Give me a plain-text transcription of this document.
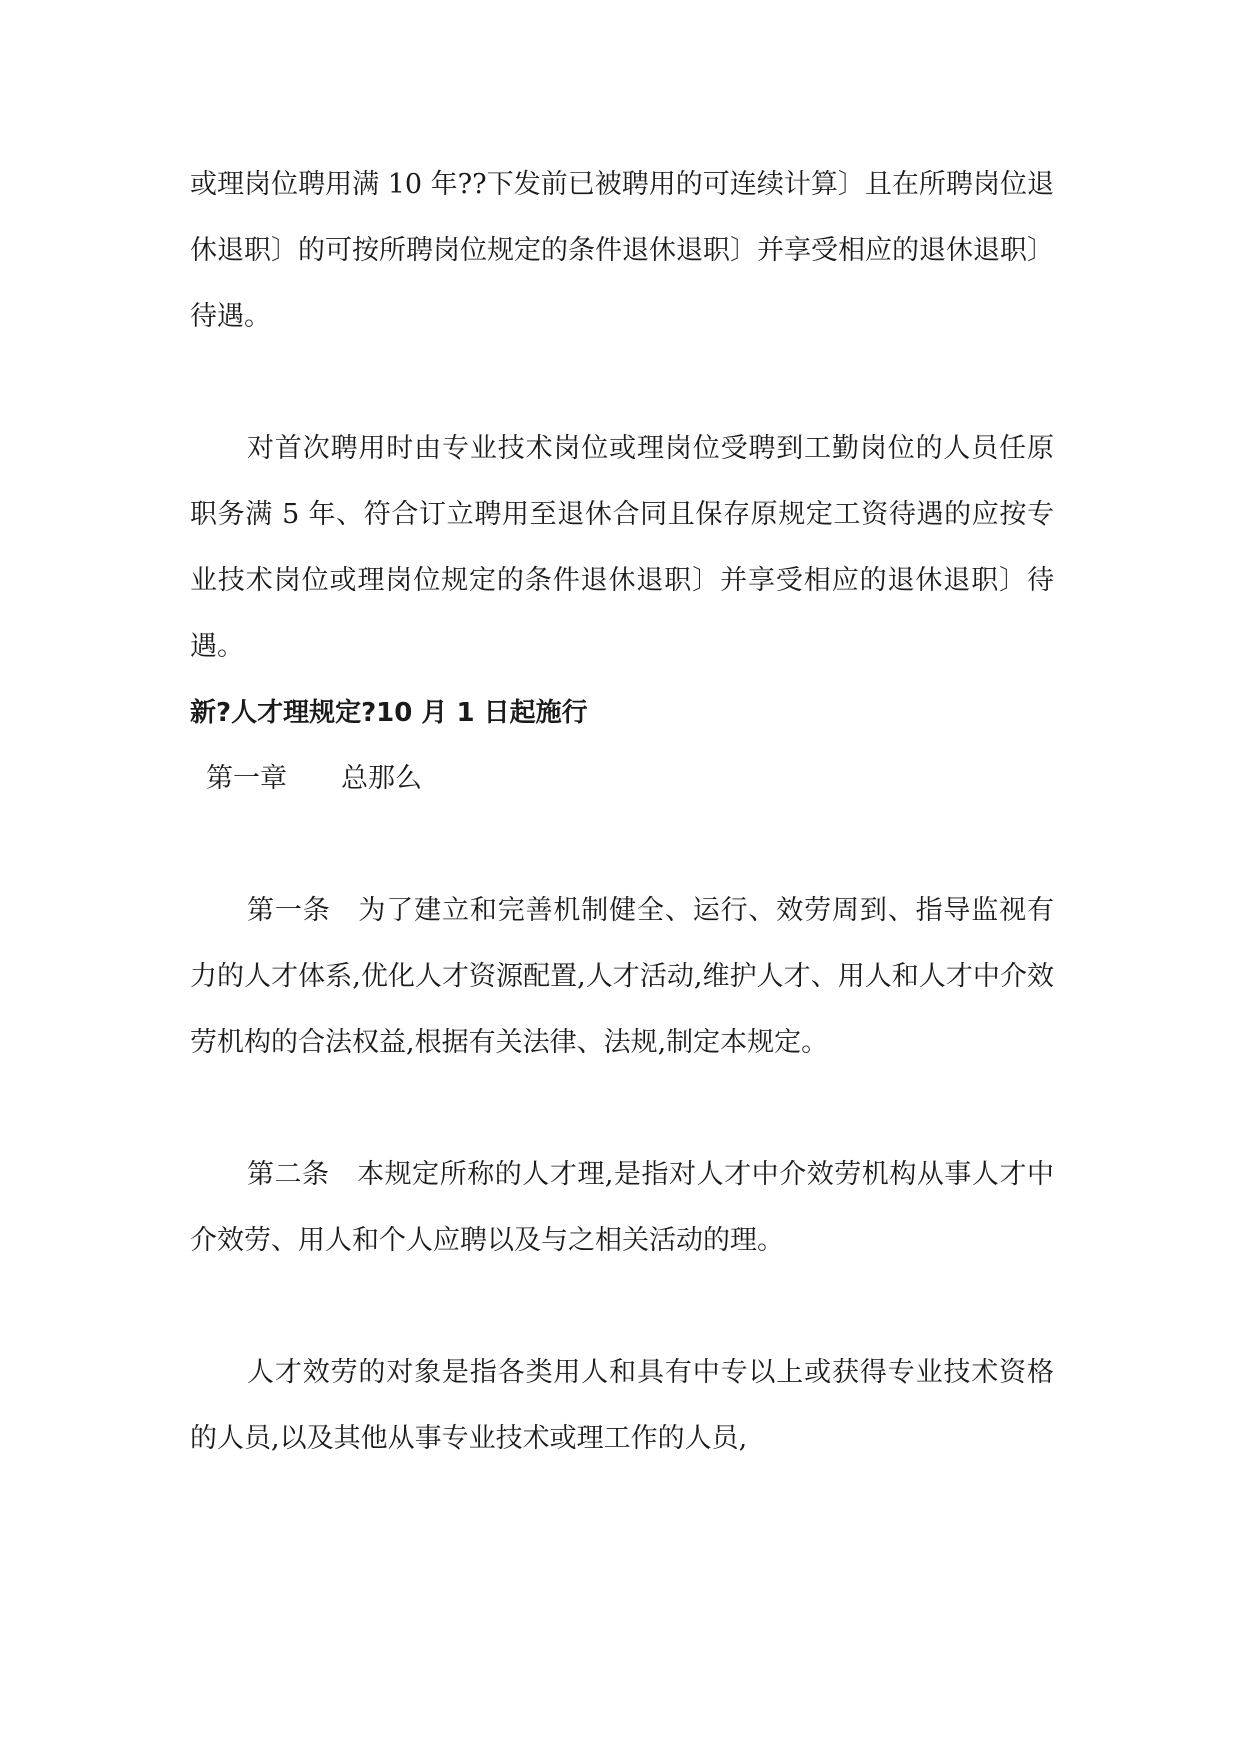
或理岗位聘用满 10 年??下发前已被聘用的可连续计算〕且在所聘岗位退休退职〕的可按所聘岗位规定的条件退休退职〕并享受相应的退休退职〕待遇。

对首次聘用时由专业技术岗位或理岗位受聘到工勤岗位的人员任原职务满 5 年、符合订立聘用至退休合同且保存原规定工资待遇的应按专业技术岗位或理岗位规定的条件退休退职〕并享受相应的退休退职〕待遇。

新?人才理规定?10 月 1 日起施行

第一章　　总那么

第一条　为了建立和完善机制健全、运行、效劳周到、指导监视有力的人才体系,优化人才资源配置,人才活动,维护人才、用人和人才中介效劳机构的合法权益,根据有关法律、法规,制定本规定。

第二条　本规定所称的人才理,是指对人才中介效劳机构从事人才中介效劳、用人和个人应聘以及与之相关活动的理。

人才效劳的对象是指各类用人和具有中专以上或获得专业技术资格的人员,以及其他从事专业技术或理工作的人员,
